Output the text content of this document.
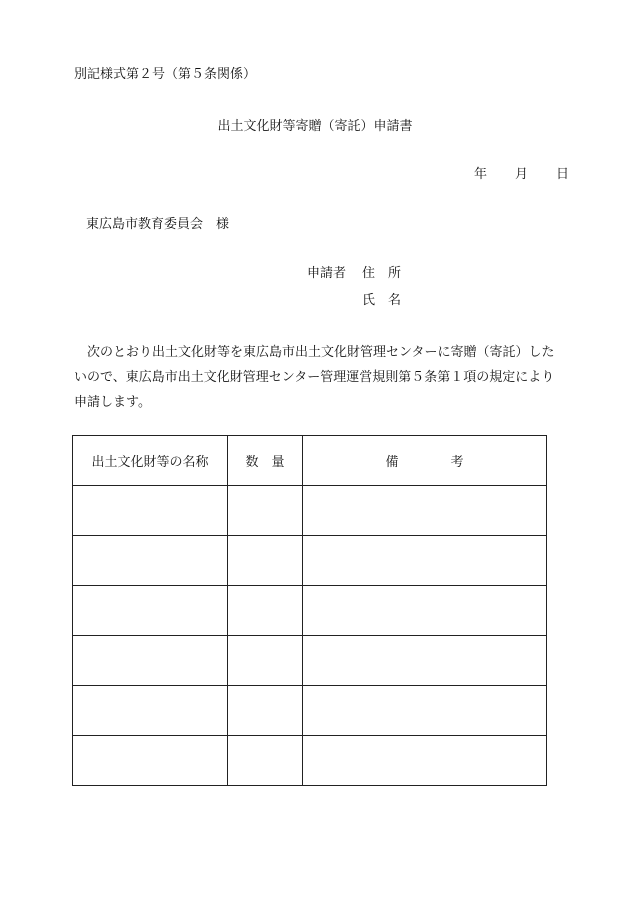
別記様式第２号（第５条関係）
出土文化財等寄贈（寄託）申請書
年 月 日
東広島市教育委員会　様
申請者 住　所
氏　名

次のとおり出土文化財等を東広島市出土文化財管理センターに寄贈（寄託）した

いので、東広島市出土文化財管理センター管理運営規則第５条第１項の規定により

申請します。

出土文化財等の名称	数　量	備　　　　考
